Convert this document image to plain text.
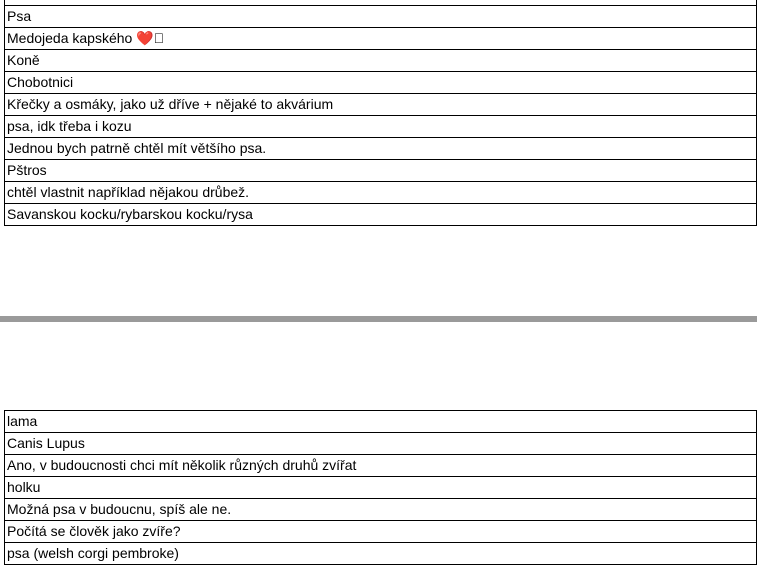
Psa
Medojeda kapského ❤️ 
Koně
Chobotnici
Křečky a osmáky, jako už dříve + nějaké to akvárium
psa, idk třeba i kozu
Jednou bych patrně chtěl mít většího psa.
Pštros
chtěl vlastnit například nějakou drůbež.
Savanskou kocku/rybarskou kocku/rysa
lama
Canis Lupus
Ano, v budoucnosti chci mít několik různých druhů zvířat
holku
Možná psa v budoucnu, spíš ale ne.
Počítá se člověk jako zvíře?
psa (welsh corgi pembroke)
